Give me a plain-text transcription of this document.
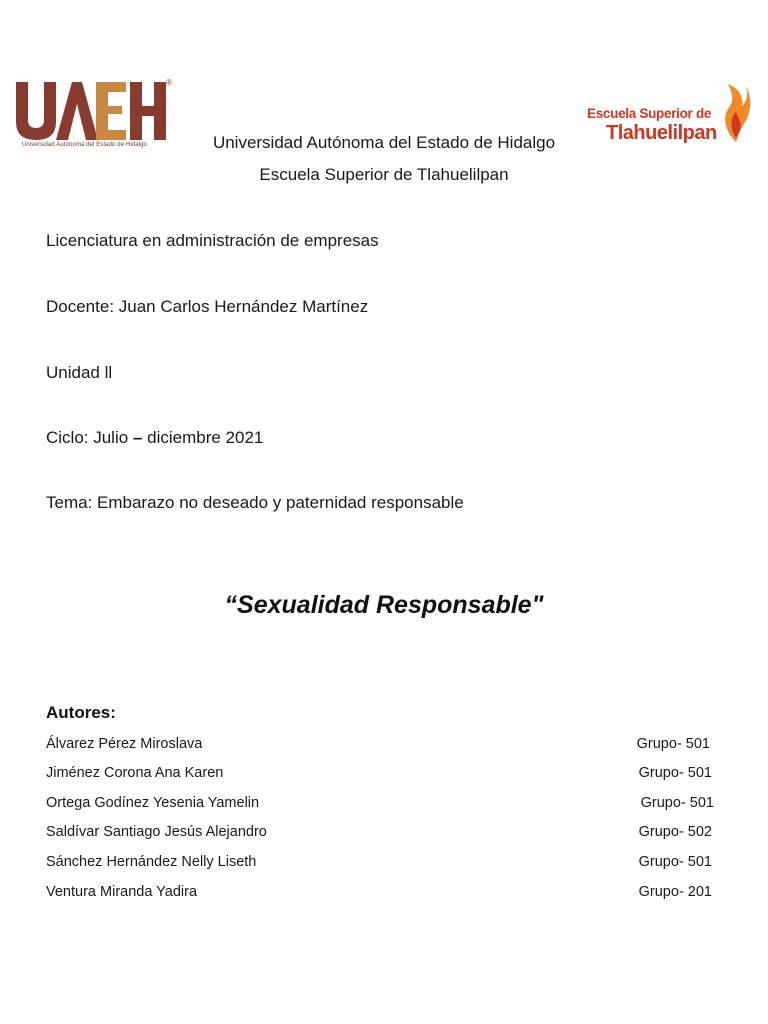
®
Universidad Autónoma del Estado de Hidalgo
Escuela Superior de
Tlahuelilpan
Universidad Autónoma del Estado de Hidalgo
Escuela Superior de Tlahuelilpan
Licenciatura en administración de empresas
Docente: Juan Carlos Hernández Martínez
Unidad ll
Ciclo: Julio – diciembre 2021
Tema: Embarazo no deseado y paternidad responsable
“Sexualidad Responsable"
Autores:
Álvarez Pérez Miroslava	Grupo- 501
Jiménez Corona Ana Karen	Grupo- 501
Ortega Godínez Yesenia Yamelin	Grupo- 501
Saldívar Santiago Jesús Alejandro	Grupo- 502
Sánchez Hernández Nelly Liseth	Grupo- 501
Ventura Miranda Yadira	Grupo- 201
